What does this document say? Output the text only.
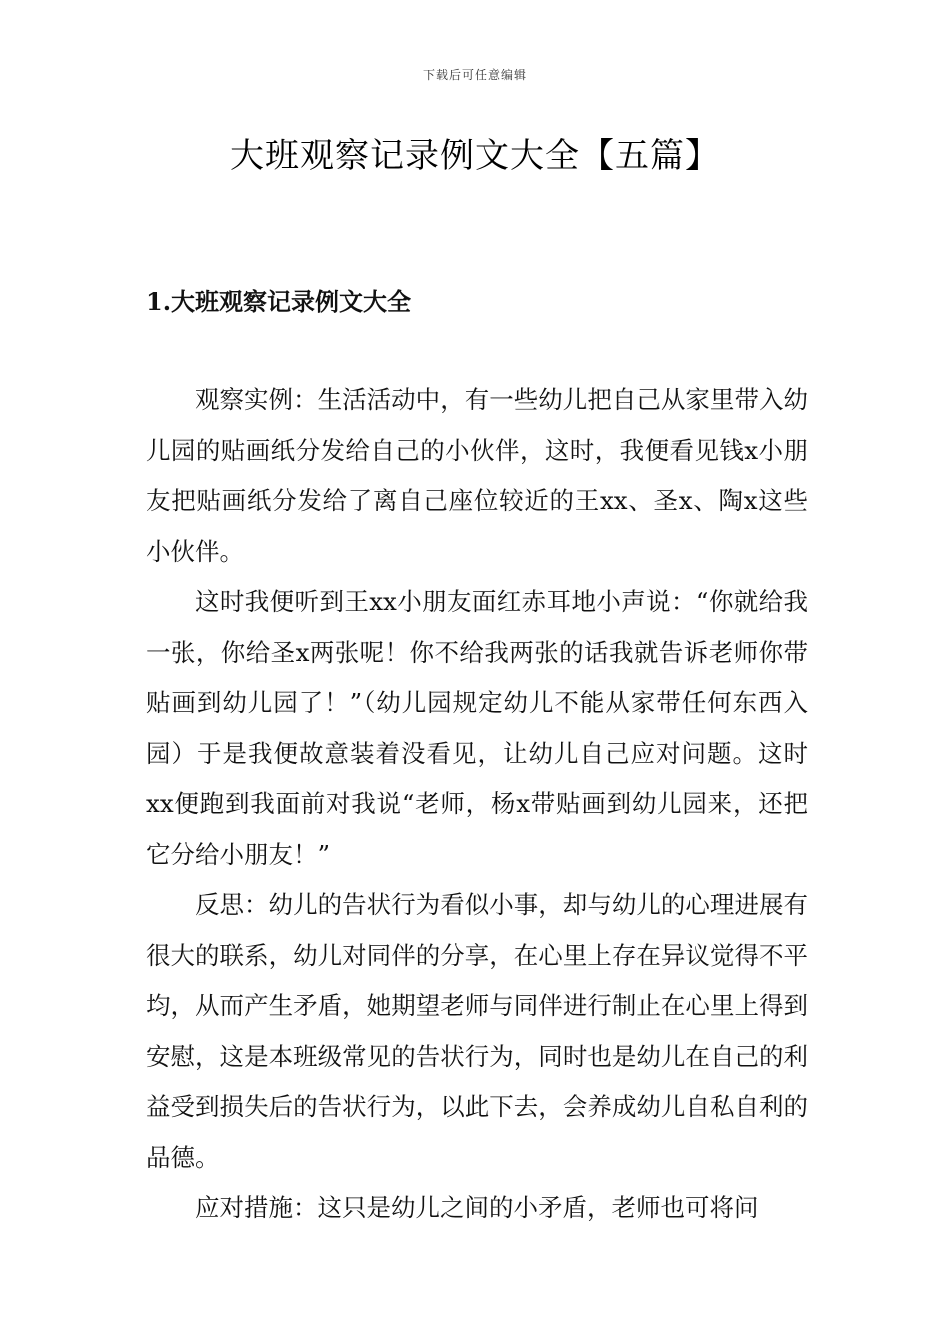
下载后可任意编辑
大班观察记录例文大全【五篇】
1.大班观察记录例文大全

观察实例：生活活动中，有一些幼儿把自己从家里带入幼儿园的贴画纸分发给自己的小伙伴，这时，我便看见钱x小朋友把贴画纸分发给了离自己座位较近的王xx、圣x、陶x这些小伙伴。

这时我便听到王xx小朋友面红赤耳地小声说：“你就给我一张，你给圣x两张呢！你不给我两张的话我就告诉老师你带贴画到幼儿园了！”（幼儿园规定幼儿不能从家带任何东西入园）于是我便故意装着没看见，让幼儿自己应对问题。这时xx便跑到我面前对我说“老师，杨x带贴画到幼儿园来，还把它分给小朋友！”

反思：幼儿的告状行为看似小事，却与幼儿的心理进展有很大的联系，幼儿对同伴的分享，在心里上存在异议觉得不平均，从而产生矛盾，她期望老师与同伴进行制止在心里上得到安慰，这是本班级常见的告状行为，同时也是幼儿在自己的利益受到损失后的告状行为，以此下去，会养成幼儿自私自利的品德。

应对措施：这只是幼儿之间的小矛盾，老师也可将问
